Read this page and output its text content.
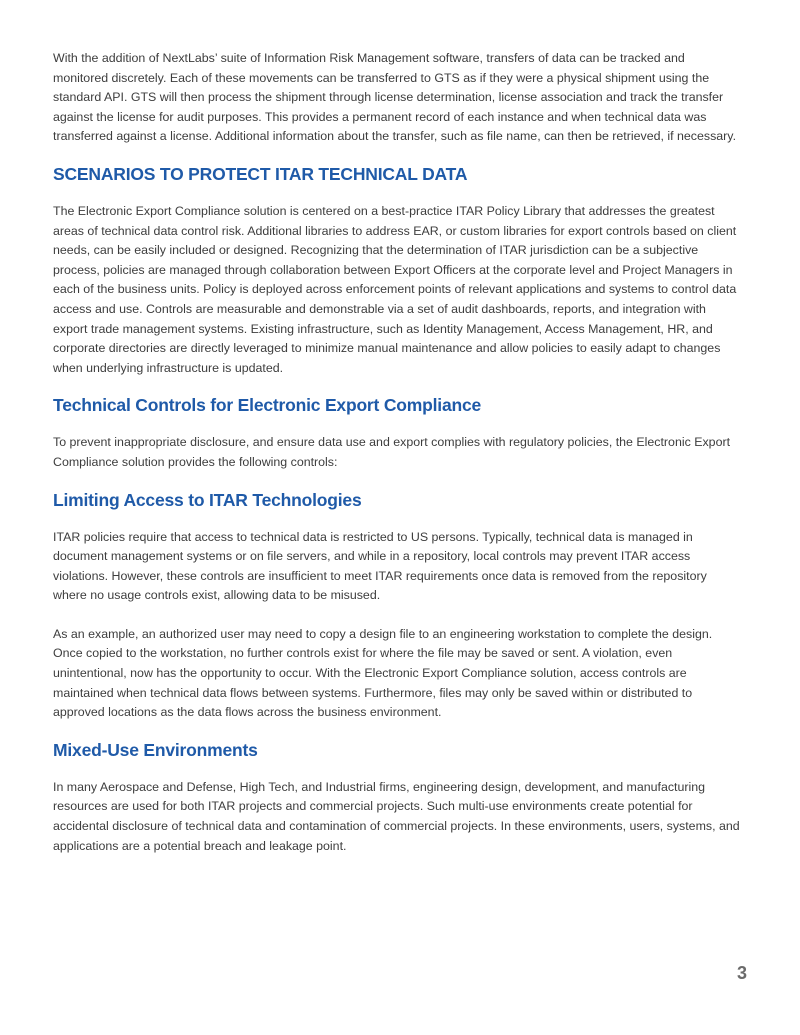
With the addition of NextLabs’ suite of Information Risk Management software, transfers of data can be tracked and monitored discretely. Each of these movements can be transferred to GTS as if they were a physical shipment using the standard API. GTS will then process the shipment through license determination, license association and track the transfer against the license for audit purposes. This provides a permanent record of each instance and when technical data was transferred against a license. Additional information about the transfer, such as file name, can then be retrieved, if necessary.

SCENARIOS TO PROTECT ITAR TECHNICAL DATA

The Electronic Export Compliance solution is centered on a best-practice ITAR Policy Library that addresses the greatest areas of technical data control risk. Additional libraries to address EAR, or custom libraries for export controls based on client needs, can be easily included or designed. Recognizing that the determination of ITAR jurisdiction can be a subjective process, policies are managed through collaboration between Export Officers at the corporate level and Project Managers in each of the business units. Policy is deployed across enforcement points of relevant applications and systems to control data access and use. Controls are measurable and demonstrable via a set of audit dashboards, reports, and integration with export trade management systems. Existing infrastructure, such as Identity Management, Access Management, HR, and corporate directories are directly leveraged to minimize manual maintenance and allow policies to easily adapt to changes when underlying infrastructure is updated.

Technical Controls for Electronic Export Compliance

To prevent inappropriate disclosure, and ensure data use and export complies with regulatory policies, the Electronic Export Compliance solution provides the following controls:

Limiting Access to ITAR Technologies

ITAR policies require that access to technical data is restricted to US persons. Typically, technical data is managed in document management systems or on file servers, and while in a repository, local controls may prevent ITAR access violations. However, these controls are insufficient to meet ITAR requirements once data is removed from the repository where no usage controls exist, allowing data to be misused.

As an example, an authorized user may need to copy a design file to an engineering workstation to complete the design. Once copied to the workstation, no further controls exist for where the file may be saved or sent. A violation, even unintentional, now has the opportunity to occur. With the Electronic Export Compliance solution, access controls are maintained when technical data flows between systems. Furthermore, files may only be saved within or distributed to approved locations as the data flows across the business environment.

Mixed-Use Environments

In many Aerospace and Defense, High Tech, and Industrial firms, engineering design, development, and manufacturing resources are used for both ITAR projects and commercial projects. Such multi-use environments create potential for accidental disclosure of technical data and contamination of commercial projects. In these environments, users, systems, and applications are a potential breach and leakage point.

3
